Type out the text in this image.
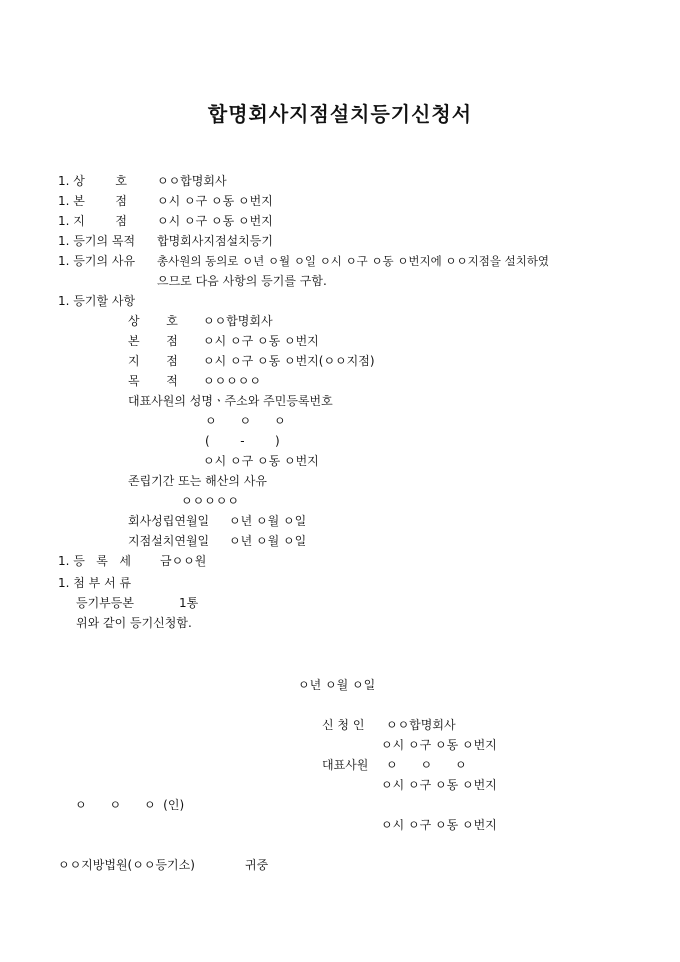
합명회사지점설치등기신청서
1. 상        호	ㅇㅇ합명회사
1. 본        점	ㅇ시 ㅇ구 ㅇ동 ㅇ번지
1. 지        점	ㅇ시 ㅇ구 ㅇ동 ㅇ번지
1. 등기의 목적 합명회사지점설치등기
1. 등기의 사유 총사원의 동의로 ㅇ년 ㅇ월 ㅇ일 ㅇ시 ㅇ구 ㅇ동 ㅇ번지에 ㅇㅇ지점을 설치하였
으므로 다음 사항의 등기를 구함.
1. 등기할 사항
상       호 ㅇㅇ합명회사
본       점 ㅇ시 ㅇ구 ㅇ동 ㅇ번지
지       점 ㅇ시 ㅇ구 ㅇ동 ㅇ번지(ㅇㅇ지점)
목       적 ㅇㅇㅇㅇㅇ
대표사원의 성명ㆍ주소와 주민등록번호
ㅇ      ㅇ      ㅇ
(        -        )
ㅇ시 ㅇ구 ㅇ동 ㅇ번지
존립기간 또는 해산의 사유
ㅇㅇㅇㅇㅇ
회사성립연월일 ㅇ년 ㅇ월 ㅇ일
지점설치연월일 ㅇ년 ㅇ월 ㅇ일
1. 등   록   세 금ㅇㅇ원
1. 첨 부 서 류
등기부등본	1통
위와 같이 등기신청함.
ㅇ년 ㅇ월 ㅇ일
신 청 인 ㅇㅇ합명회사
ㅇ시 ㅇ구 ㅇ동 ㅇ번지
대표사원 ㅇ      ㅇ      ㅇ
ㅇ시 ㅇ구 ㅇ동 ㅇ번지
ㅇ      ㅇ      ㅇ  (인)
ㅇ시 ㅇ구 ㅇ동 ㅇ번지
ㅇㅇ지방법원(ㅇㅇ등기소)	귀중
